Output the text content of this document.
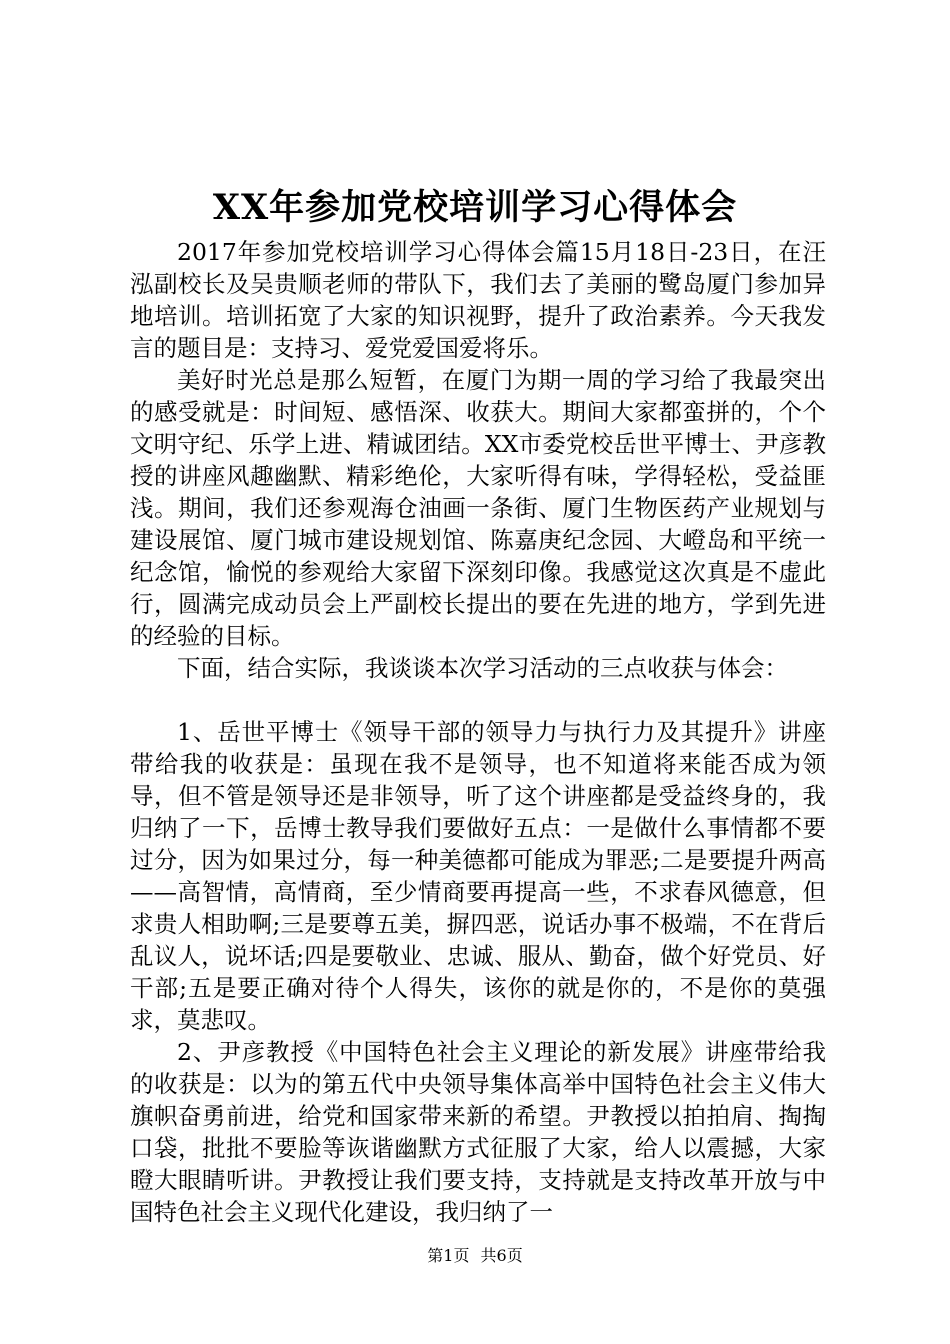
XX年参加党校培训学习心得体会

2017年参加党校培训学习心得体会篇15月18日-23日，在汪泓副校长及吴贵顺老师的带队下，我们去了美丽的鹭岛厦门参加异地培训。培训拓宽了大家的知识视野，提升了政治素养。今天我发言的题目是：支持习、爱党爱国爱将乐。

美好时光总是那么短暂，在厦门为期一周的学习给了我最突出的感受就是：时间短、感悟深、收获大。期间大家都蛮拼的，个个文明守纪、乐学上进、精诚团结。XX市委党校岳世平博士、尹彦教授的讲座风趣幽默、精彩绝伦，大家听得有味，学得轻松，受益匪浅。期间，我们还参观海仓油画一条街、厦门生物医药产业规划与建设展馆、厦门城市建设规划馆、陈嘉庚纪念园、大嶝岛和平统一纪念馆，愉悦的参观给大家留下深刻印像。我感觉这次真是不虚此行，圆满完成动员会上严副校长提出的要在先进的地方，学到先进的经验的目标。

下面，结合实际，我谈谈本次学习活动的三点收获与体会：

1、岳世平博士《领导干部的领导力与执行力及其提升》讲座带给我的收获是：虽现在我不是领导，也不知道将来能否成为领导，但不管是领导还是非领导，听了这个讲座都是受益终身的，我归纳了一下，岳博士教导我们要做好五点：一是做什么事情都不要过分，因为如果过分，每一种美德都可能成为罪恶;二是要提升两高——高智情，高情商，至少情商要再提高一些，不求春风德意，但求贵人相助啊;三是要尊五美，摒四恶，说话办事不极端，不在背后乱议人，说坏话;四是要敬业、忠诚、服从、勤奋，做个好党员、好干部;五是要正确对待个人得失，该你的就是你的，不是你的莫强求，莫悲叹。

2、尹彦教授《中国特色社会主义理论的新发展》讲座带给我的收获是：以为的第五代中央领导集体高举中国特色社会主义伟大旗帜奋勇前进，给党和国家带来新的希望。尹教授以拍拍肩、掏掏口袋，批批不要脸等诙谐幽默方式征服了大家，给人以震撼，大家瞪大眼睛听讲。尹教授让我们要支持，支持就是支持改革开放与中国特色社会主义现代化建设，我归纳了一

第1页 共6页
